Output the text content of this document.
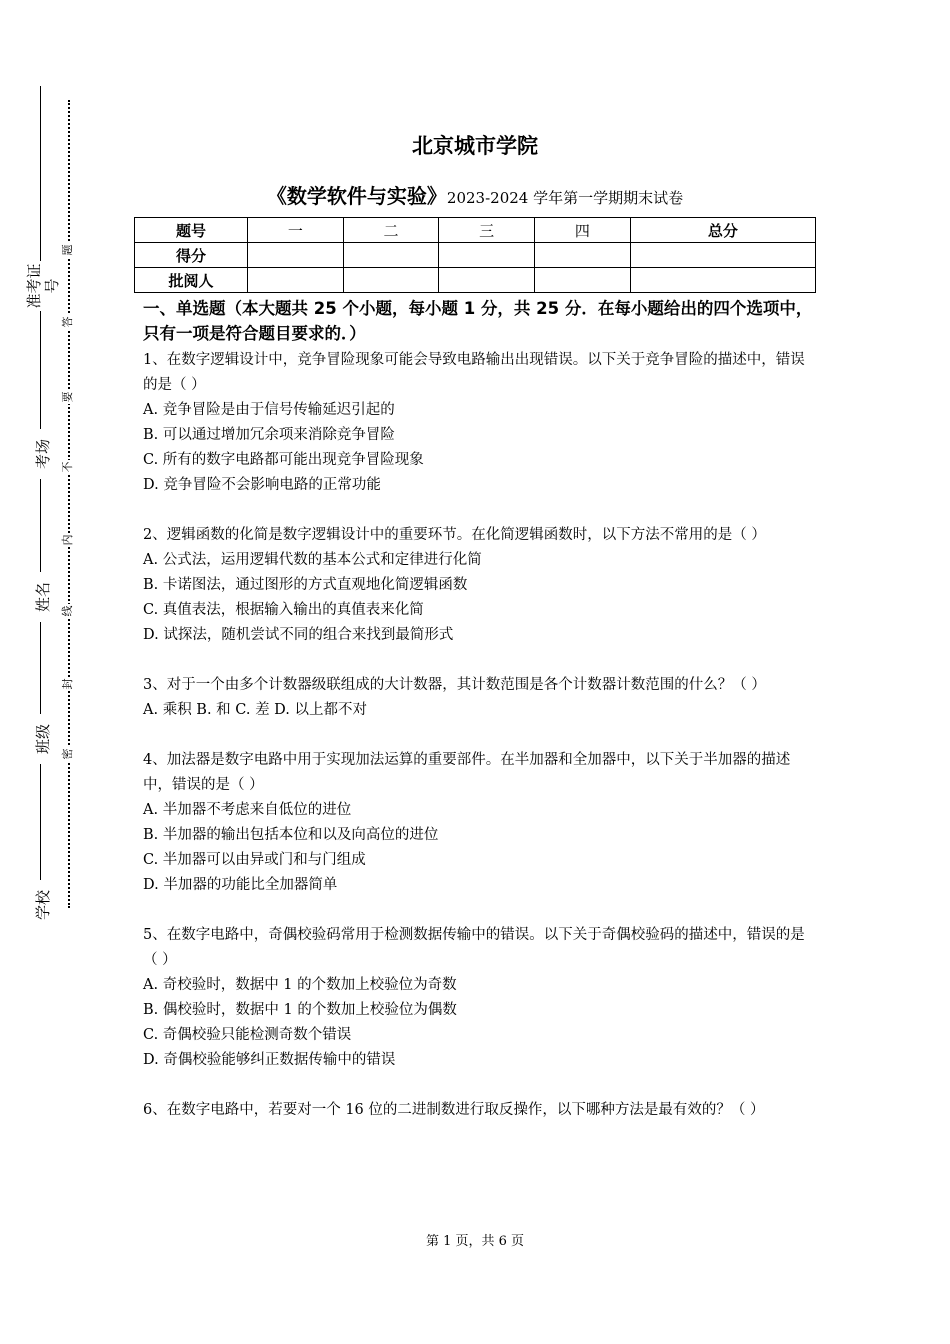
准考证号
考场
姓名
班级
学校
题
答
要
不
内
线
封
密
北京城市学院
《数学软件与实验》2023-2024 学年第一学期期末试卷
题号	一	二	三	四	总分
得分					
批阅人					

一、单选题（本大题共 25 个小题，每小题 1 分，共 25 分．在每小题给出的四个选项中，只有一项是符合题目要求的．）

1、在数字逻辑设计中，竞争冒险现象可能会导致电路输出出现错误。以下关于竞争冒险的描述中，错误的是（ ）

A. 竞争冒险是由于信号传输延迟引起的

B. 可以通过增加冗余项来消除竞争冒险

C. 所有的数字电路都可能出现竞争冒险现象

D. 竞争冒险不会影响电路的正常功能

2、逻辑函数的化简是数字逻辑设计中的重要环节。在化简逻辑函数时，以下方法不常用的是（ ）

A. 公式法，运用逻辑代数的基本公式和定律进行化简

B. 卡诺图法，通过图形的方式直观地化简逻辑函数

C. 真值表法，根据输入输出的真值表来化简

D. 试探法，随机尝试不同的组合来找到最简形式

3、对于一个由多个计数器级联组成的大计数器，其计数范围是各个计数器计数范围的什么？（ ）

A. 乘积 B. 和 C. 差 D. 以上都不对

4、加法器是数字电路中用于实现加法运算的重要部件。在半加器和全加器中，以下关于半加器的描述中，错误的是（ ）

A. 半加器不考虑来自低位的进位

B. 半加器的输出包括本位和以及向高位的进位

C. 半加器可以由异或门和与门组成

D. 半加器的功能比全加器简单

5、在数字电路中，奇偶校验码常用于检测数据传输中的错误。以下关于奇偶校验码的描述中，错误的是（ ）

A. 奇校验时，数据中 1 的个数加上校验位为奇数

B. 偶校验时，数据中 1 的个数加上校验位为偶数

C. 奇偶校验只能检测奇数个错误

D. 奇偶校验能够纠正数据传输中的错误

6、在数字电路中，若要对一个 16 位的二进制数进行取反操作，以下哪种方法是最有效的？（ ）

第 1 页，共 6 页
